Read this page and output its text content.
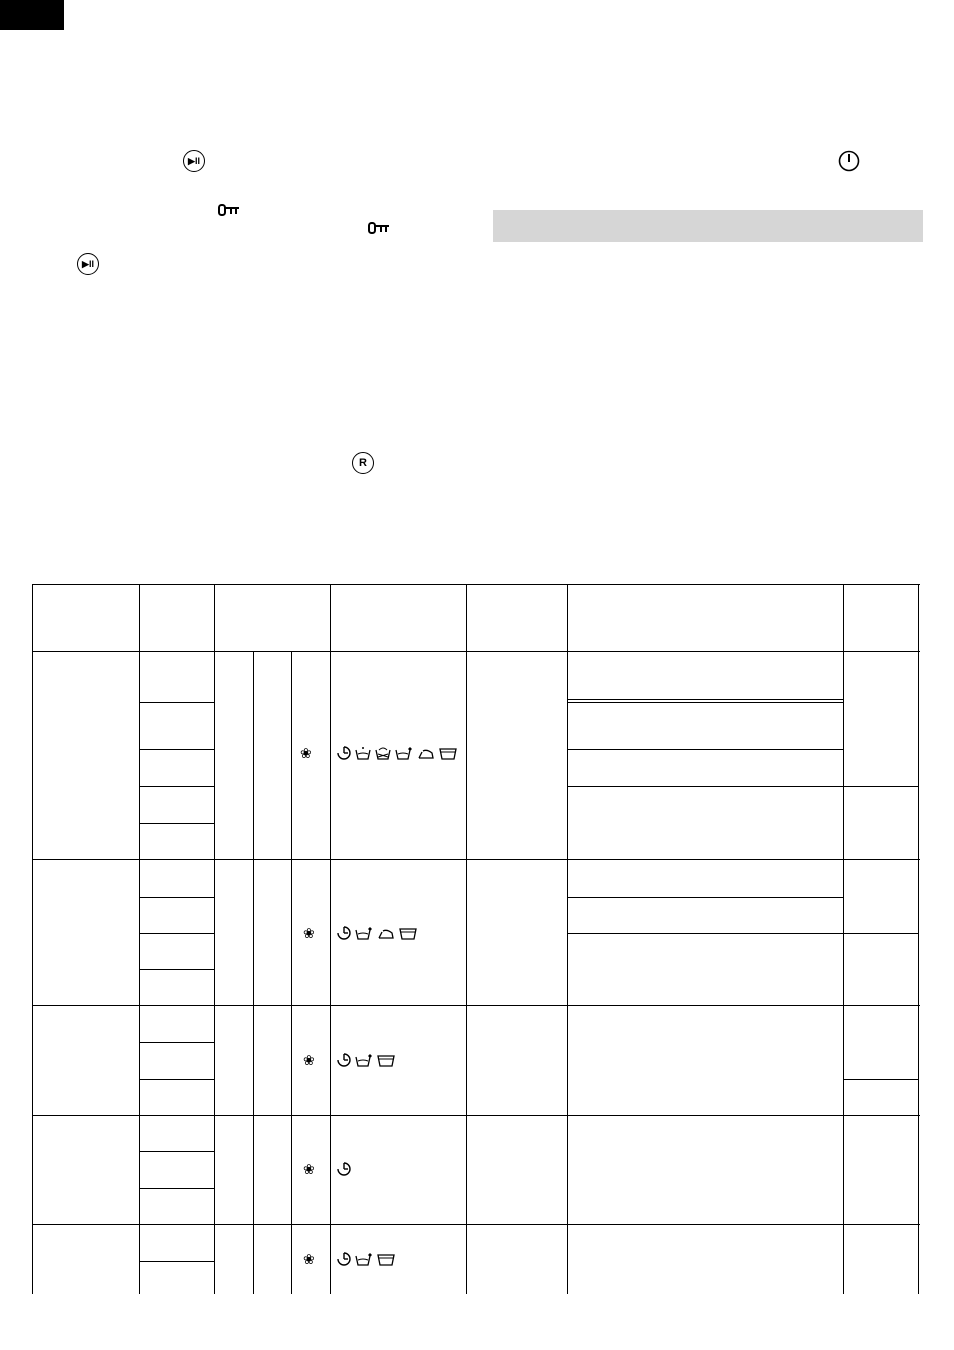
▶II
▶II
R
❀
❀
❀
❀
❀
